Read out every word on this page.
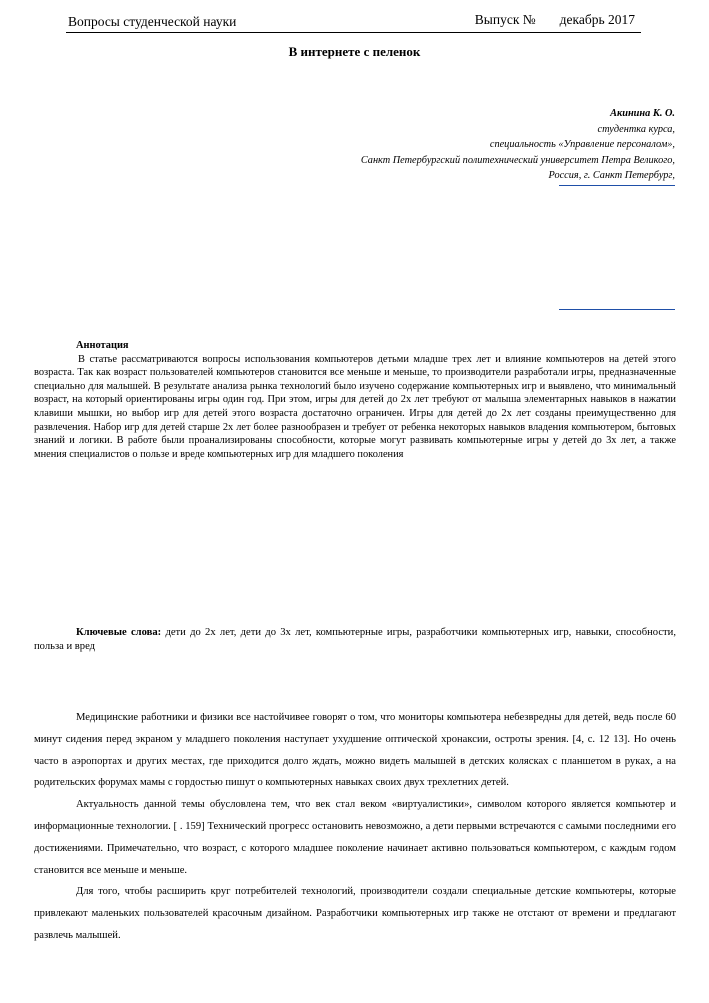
Вопросы студенческой науки	Выпуск № декабрь 2017
В интернете с пеленок
Акинина К. О.
студентка курса,
специальность «Управление персоналом»,
Санкт Петербургский политехнический университет Петра Великого,
Россия, г. Санкт Петербург,
Аннотация

В статье рассматриваются вопросы использования компьютеров детьми младше трех лет и влияние компьютеров на детей этого возраста. Так как возраст пользователей компьютеров становится все меньше и меньше, то производители разработали игры, предназначенные специально для малышей. В результате анализа рынка технологий было изучено содержание компьютерных игр и выявлено, что минимальный возраст, на который ориентированы игры один год. При этом, игры для детей до 2х лет требуют от малыша элементарных навыков в нажатии клавиши мышки, но выбор игр для детей этого возраста достаточно ограничен. Игры для детей до 2х лет созданы преимущественно для развлечения. Набор игр для детей старше 2х лет более разнообразен и требует от ребенка некоторых навыков владения компьютером, бытовых знаний и логики. В работе были проанализированы способности, которые могут развивать компьютерные игры у детей до 3х лет, а также мнения специалистов о пользе и вреде компьютерных игр для младшего поколения

Ключевые слова: дети до 2х лет, дети до 3х лет, компьютерные игры, разработчики компьютерных игр, навыки, способности, польза и вред

Медицинские работники и физики все настойчивее говорят о том, что мониторы компьютера небезвредны для детей, ведь после 60 минут сидения перед экраном у младшего поколения наступает ухудшение оптической хронаксии, остроты зрения. [4, с. 12 13]. Но очень часто в аэропортах и других местах, где приходится долго ждать, можно видеть малышей в детских колясках с планшетом в руках, а на родительских форумах мамы с гордостью пишут о компьютерных навыках своих двух трехлетних детей.

Актуальность данной темы обусловлена тем, что век стал веком «виртуалистики», символом которого является компьютер и информационные технологии. [ . 159] Технический прогресс остановить невозможно, а дети первыми встречаются с самыми последними его достижениями. Примечательно, что возраст, с которого младшее поколение начинает активно пользоваться компьютером, с каждым годом становится все меньше и меньше.

Для того, чтобы расширить круг потребителей технологий, производители создали специальные детские компьютеры, которые привлекают маленьких пользователей красочным дизайном. Разработчики компьютерных игр также не отстают от времени и предлагают развлечь малышей.
